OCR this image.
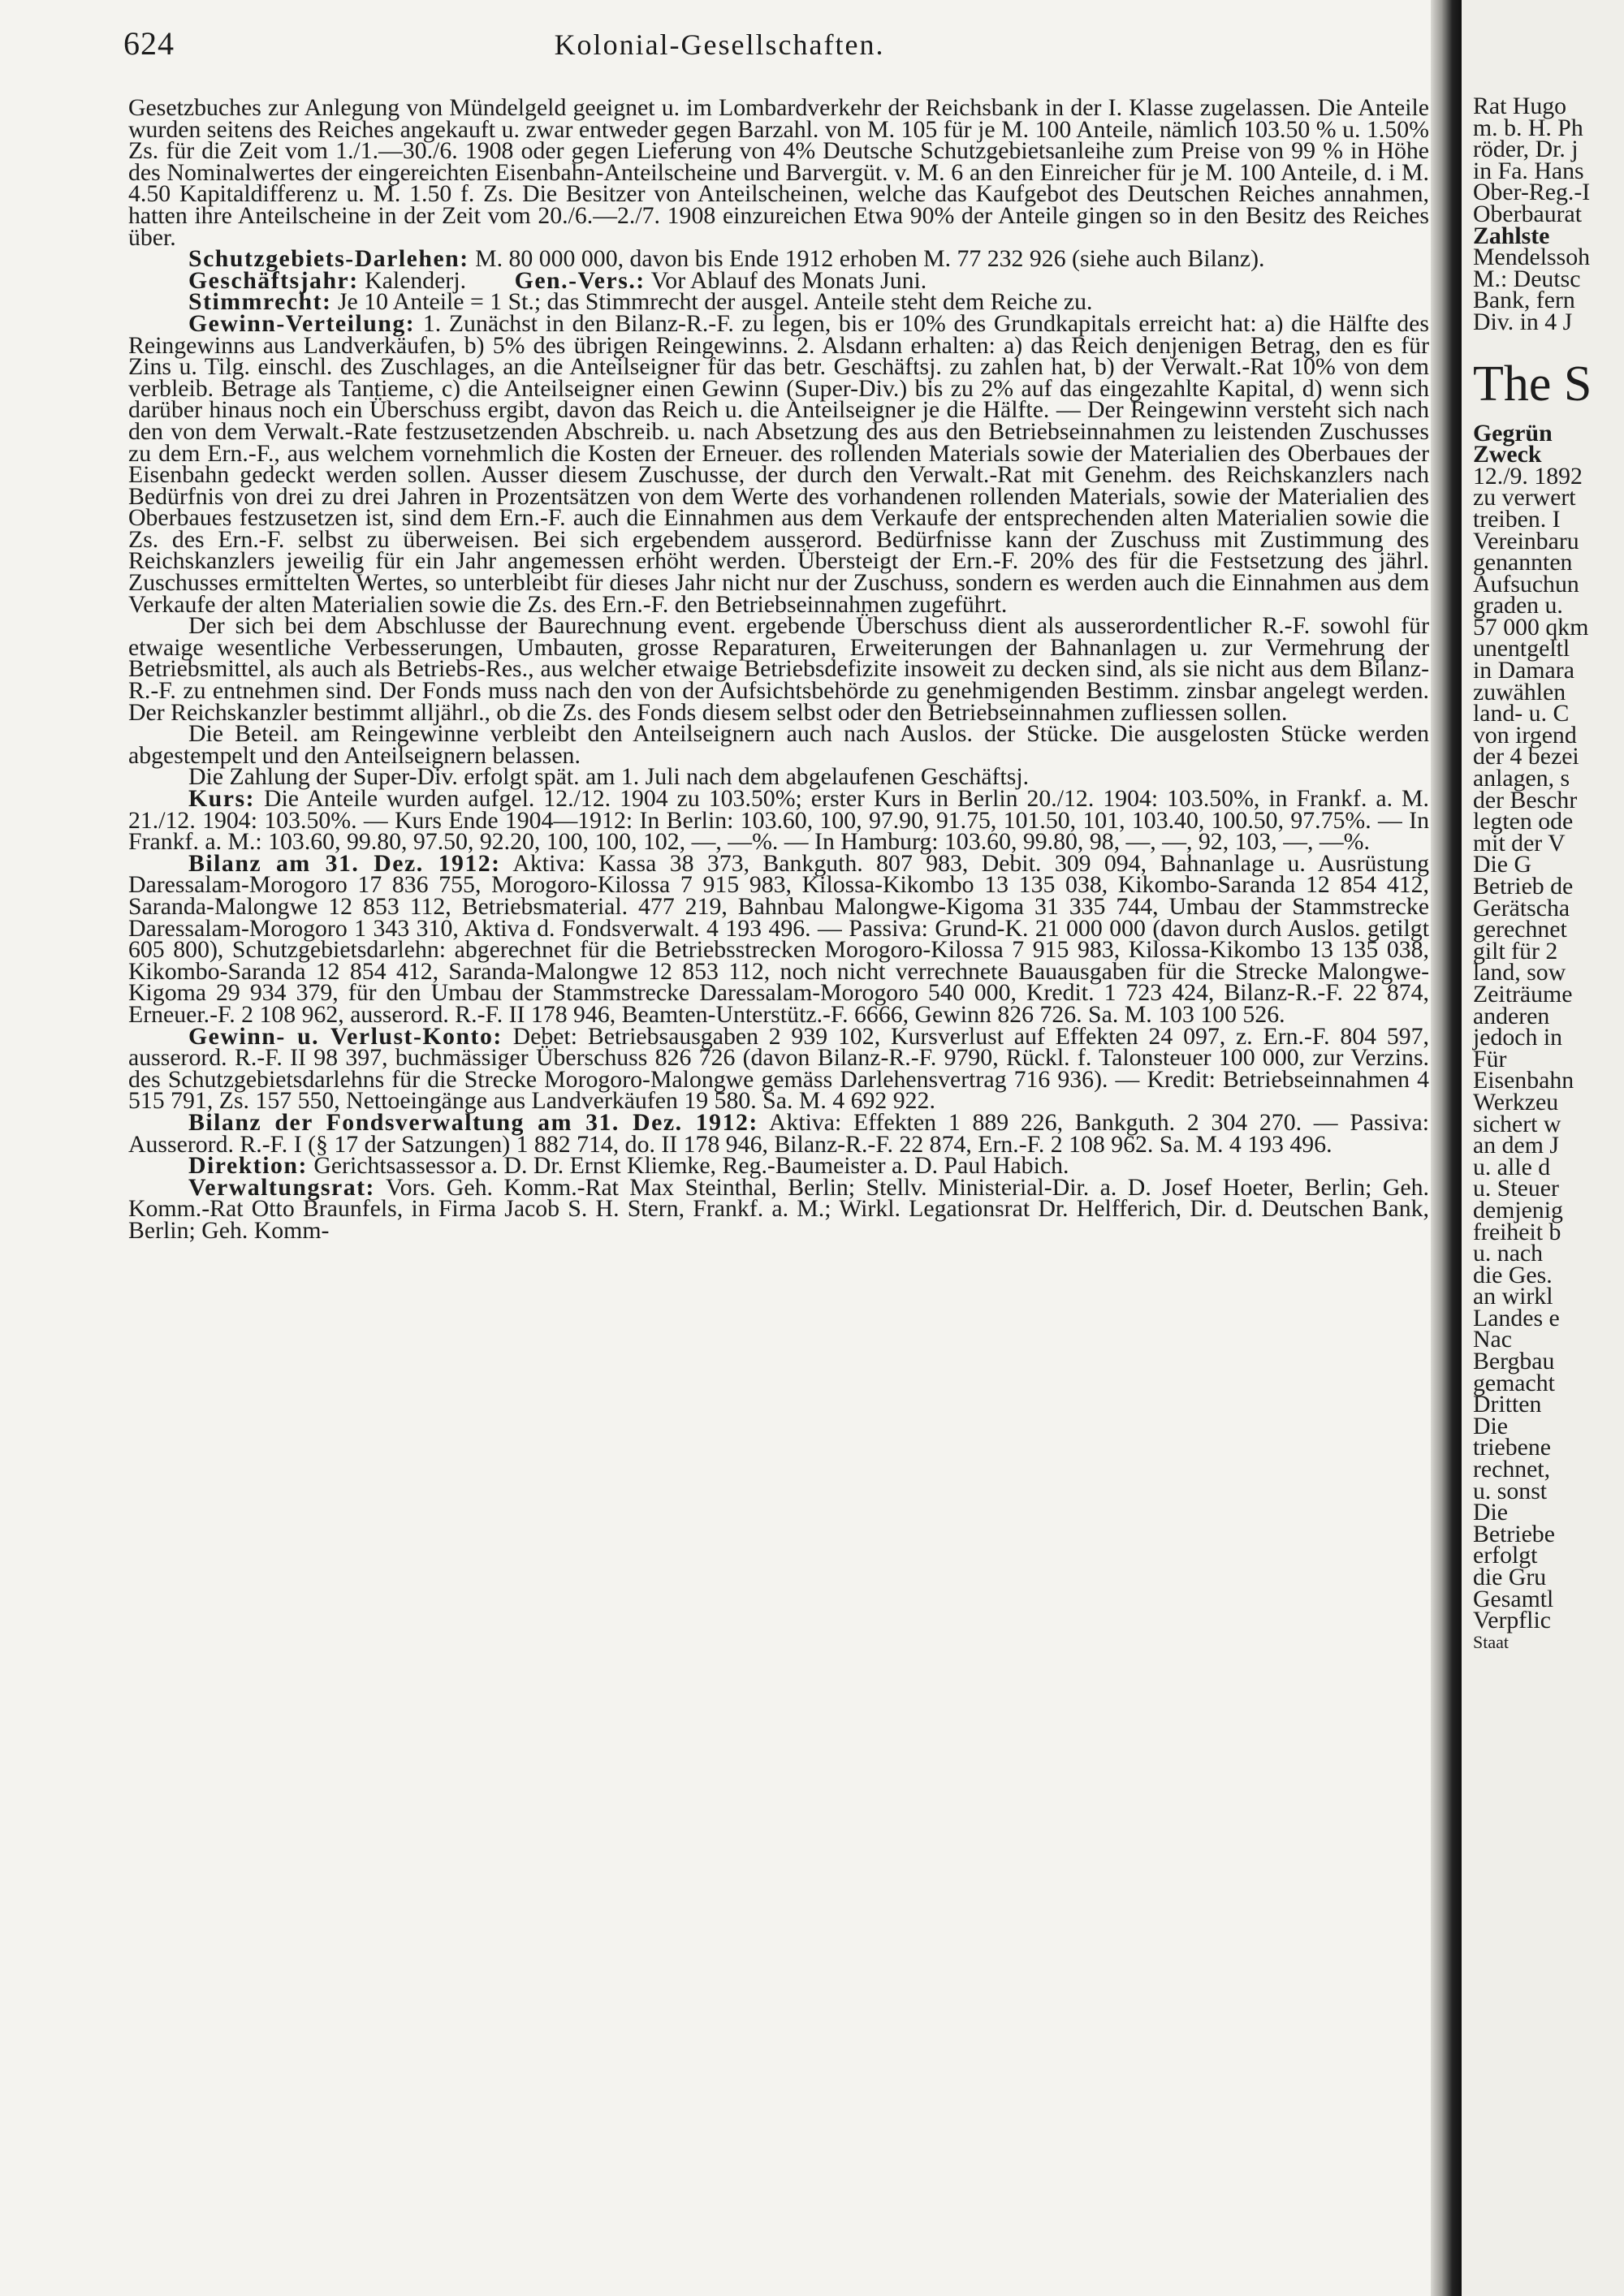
624	Kolonial-Gesellschaften.

Gesetzbuches zur Anlegung von Mündelgeld geeignet u. im Lombardverkehr der Reichsbank in der I. Klasse zugelassen. Die Anteile wurden seitens des Reiches angekauft u. zwar entweder gegen Barzahl. von M. 105 für je M. 100 Anteile, nämlich 103.50 % u. 1.50% Zs. für die Zeit vom 1./1.—30./6. 1908 oder gegen Lieferung von 4% Deutsche Schutzgebietsanleihe zum Preise von 99 % in Höhe des Nominalwertes der eingereichten Eisenbahn-Anteilscheine und Barvergüt. v. M. 6 an den Einreicher für je M. 100 Anteile, d. i M. 4.50 Kapitaldifferenz u. M. 1.50 f. Zs. Die Besitzer von Anteilscheinen, welche das Kaufgebot des Deutschen Reiches annahmen, hatten ihre Anteilscheine in der Zeit vom 20./6.—2./7. 1908 einzureichen Etwa 90% der Anteile gingen so in den Besitz des Reiches über.

Schutzgebiets-Darlehen: M. 80 000 000, davon bis Ende 1912 erhoben M. 77 232 926 (siehe auch Bilanz).

Geschäftsjahr: Kalenderj.   Gen.-Vers.: Vor Ablauf des Monats Juni.

Stimmrecht: Je 10 Anteile = 1 St.; das Stimmrecht der ausgel. Anteile steht dem Reiche zu.

Gewinn-Verteilung: 1. Zunächst in den Bilanz-R.-F. zu legen, bis er 10% des Grundkapitals erreicht hat: a) die Hälfte des Reingewinns aus Landverkäufen, b) 5% des übrigen Reingewinns. 2. Alsdann erhalten: a) das Reich denjenigen Betrag, den es für Zins u. Tilg. einschl. des Zuschlages, an die Anteilseigner für das betr. Geschäftsj. zu zahlen hat, b) der Verwalt.-Rat 10% von dem verbleib. Betrage als Tantieme, c) die Anteilseigner einen Gewinn (Super-Div.) bis zu 2% auf das eingezahlte Kapital, d) wenn sich darüber hinaus noch ein Überschuss ergibt, davon das Reich u. die Anteilseigner je die Hälfte. — Der Reingewinn versteht sich nach den von dem Verwalt.-Rate festzusetzenden Abschreib. u. nach Absetzung des aus den Betriebseinnahmen zu leistenden Zuschusses zu dem Ern.-F., aus welchem vornehmlich die Kosten der Erneuer. des rollenden Materials sowie der Materialien des Oberbaues der Eisenbahn gedeckt werden sollen. Ausser diesem Zuschusse, der durch den Verwalt.-Rat mit Genehm. des Reichskanzlers nach Bedürfnis von drei zu drei Jahren in Prozentsätzen von dem Werte des vorhandenen rollenden Materials, sowie der Materialien des Oberbaues festzusetzen ist, sind dem Ern.-F. auch die Einnahmen aus dem Verkaufe der entsprechenden alten Materialien sowie die Zs. des Ern.-F. selbst zu überweisen. Bei sich ergebendem ausserord. Bedürfnisse kann der Zuschuss mit Zustimmung des Reichskanzlers jeweilig für ein Jahr angemessen erhöht werden. Übersteigt der Ern.-F. 20% des für die Festsetzung des jährl. Zuschusses ermittelten Wertes, so unterbleibt für dieses Jahr nicht nur der Zuschuss, sondern es werden auch die Einnahmen aus dem Verkaufe der alten Materialien sowie die Zs. des Ern.-F. den Betriebseinnahmen zugeführt.

Der sich bei dem Abschlusse der Baurechnung event. ergebende Überschuss dient als ausserordentlicher R.-F. sowohl für etwaige wesentliche Verbesserungen, Umbauten, grosse Reparaturen, Erweiterungen der Bahnanlagen u. zur Vermehrung der Betriebsmittel, als auch als Betriebs-Res., aus welcher etwaige Betriebsdefizite insoweit zu decken sind, als sie nicht aus dem Bilanz-R.-F. zu entnehmen sind. Der Fonds muss nach den von der Aufsichtsbehörde zu genehmigenden Bestimm. zinsbar angelegt werden. Der Reichskanzler bestimmt alljährl., ob die Zs. des Fonds diesem selbst oder den Betriebseinnahmen zufliessen sollen.

Die Beteil. am Reingewinne verbleibt den Anteilseignern auch nach Auslos. der Stücke. Die ausgelosten Stücke werden abgestempelt und den Anteilseignern belassen.

Die Zahlung der Super-Div. erfolgt spät. am 1. Juli nach dem abgelaufenen Geschäftsj.

Kurs: Die Anteile wurden aufgel. 12./12. 1904 zu 103.50%; erster Kurs in Berlin 20./12. 1904: 103.50%, in Frankf. a. M. 21./12. 1904: 103.50%. — Kurs Ende 1904—1912: In Berlin: 103.60, 100, 97.90, 91.75, 101.50, 101, 103.40, 100.50, 97.75%. — In Frankf. a. M.: 103.60, 99.80, 97.50, 92.20, 100, 100, 102, —, —%. — In Hamburg: 103.60, 99.80, 98, —, —, 92, 103, —, —%.

Bilanz am 31. Dez. 1912: Aktiva: Kassa 38 373, Bankguth. 807 983, Debit. 309 094, Bahnanlage u. Ausrüstung Daressalam-Morogoro 17 836 755, Morogoro-Kilossa 7 915 983, Kilossa-Kikombo 13 135 038, Kikombo-Saranda 12 854 412, Saranda-Malongwe 12 853 112, Betriebsmaterial. 477 219, Bahnbau Malongwe-Kigoma 31 335 744, Umbau der Stammstrecke Daressalam-Morogoro 1 343 310, Aktiva d. Fondsverwalt. 4 193 496. — Passiva: Grund-K. 21 000 000 (davon durch Auslos. getilgt 605 800), Schutzgebietsdarlehn: abgerechnet für die Betriebsstrecken Morogoro-Kilossa 7 915 983, Kilossa-Kikombo 13 135 038, Kikombo-Saranda 12 854 412, Saranda-Malongwe 12 853 112, noch nicht verrechnete Bauausgaben für die Strecke Malongwe-Kigoma 29 934 379, für den Umbau der Stammstrecke Daressalam-Morogoro 540 000, Kredit. 1 723 424, Bilanz-R.-F. 22 874, Erneuer.-F. 2 108 962, ausserord. R.-F. II 178 946, Beamten-Unterstütz.-F. 6666, Gewinn 826 726. Sa. M. 103 100 526.

Gewinn- u. Verlust-Konto: Debet: Betriebsausgaben 2 939 102, Kursverlust auf Effekten 24 097, z. Ern.-F. 804 597, ausserord. R.-F. II 98 397, buchmässiger Überschuss 826 726 (davon Bilanz-R.-F. 9790, Rückl. f. Talonsteuer 100 000, zur Verzins. des Schutzgebietsdarlehns für die Strecke Morogoro-Malongwe gemäss Darlehensvertrag 716 936). — Kredit: Betriebseinnahmen 4 515 791, Zs. 157 550, Nettoeingänge aus Landverkäufen 19 580. Sa. M. 4 692 922.

Bilanz der Fondsverwaltung am 31. Dez. 1912: Aktiva: Effekten 1 889 226, Bankguth. 2 304 270. — Passiva: Ausserord. R.-F. I (§ 17 der Satzungen) 1 882 714, do. II 178 946, Bilanz-R.-F. 22 874, Ern.-F. 2 108 962. Sa. M. 4 193 496.

Direktion: Gerichtsassessor a. D. Dr. Ernst Kliemke, Reg.-Baumeister a. D. Paul Habich.

Verwaltungsrat: Vors. Geh. Komm.-Rat Max Steinthal, Berlin; Stellv. Ministerial-Dir. a. D. Josef Hoeter, Berlin; Geh. Komm.-Rat Otto Braunfels, in Firma Jacob S. H. Stern, Frankf. a. M.; Wirkl. Legationsrat Dr. Helfferich, Dir. d. Deutschen Bank, Berlin; Geh. Komm-

Rat Hugo
m. b. H. Ph
röder, Dr. j
in Fa. Hans
Ober-Reg.-I
Oberbaurat
Zahlste
Mendelssoh
M.: Deutsc
Bank, fern
Div. in 4 J
The S
Gegrün
Zweck
12./9. 1892
zu verwert
treiben. I
Vereinbaru
genannten
Aufsuchun
graden u.
57 000 qkm
unentgeltl
in Damara
zuwählen
land- u. C
von irgend
der 4 bezei
anlagen, s
der Beschr
legten ode
mit der V
Die G
Betrieb de
Gerätscha
gerechnet
gilt für 2
land, sow
Zeiträume
anderen
jedoch in
Für
Eisenbahn
Werkzeu
sichert w
an dem J
u. alle d
u. Steuer
demjenig
freiheit b
u. nach
die Ges.
an wirkl
Landes e
Nac
Bergbau
gemacht
Dritten
Die
triebene
rechnet,
u. sonst
Die
Betriebe
erfolgt
die Gru
Gesamtl
Verpflic
Staat
